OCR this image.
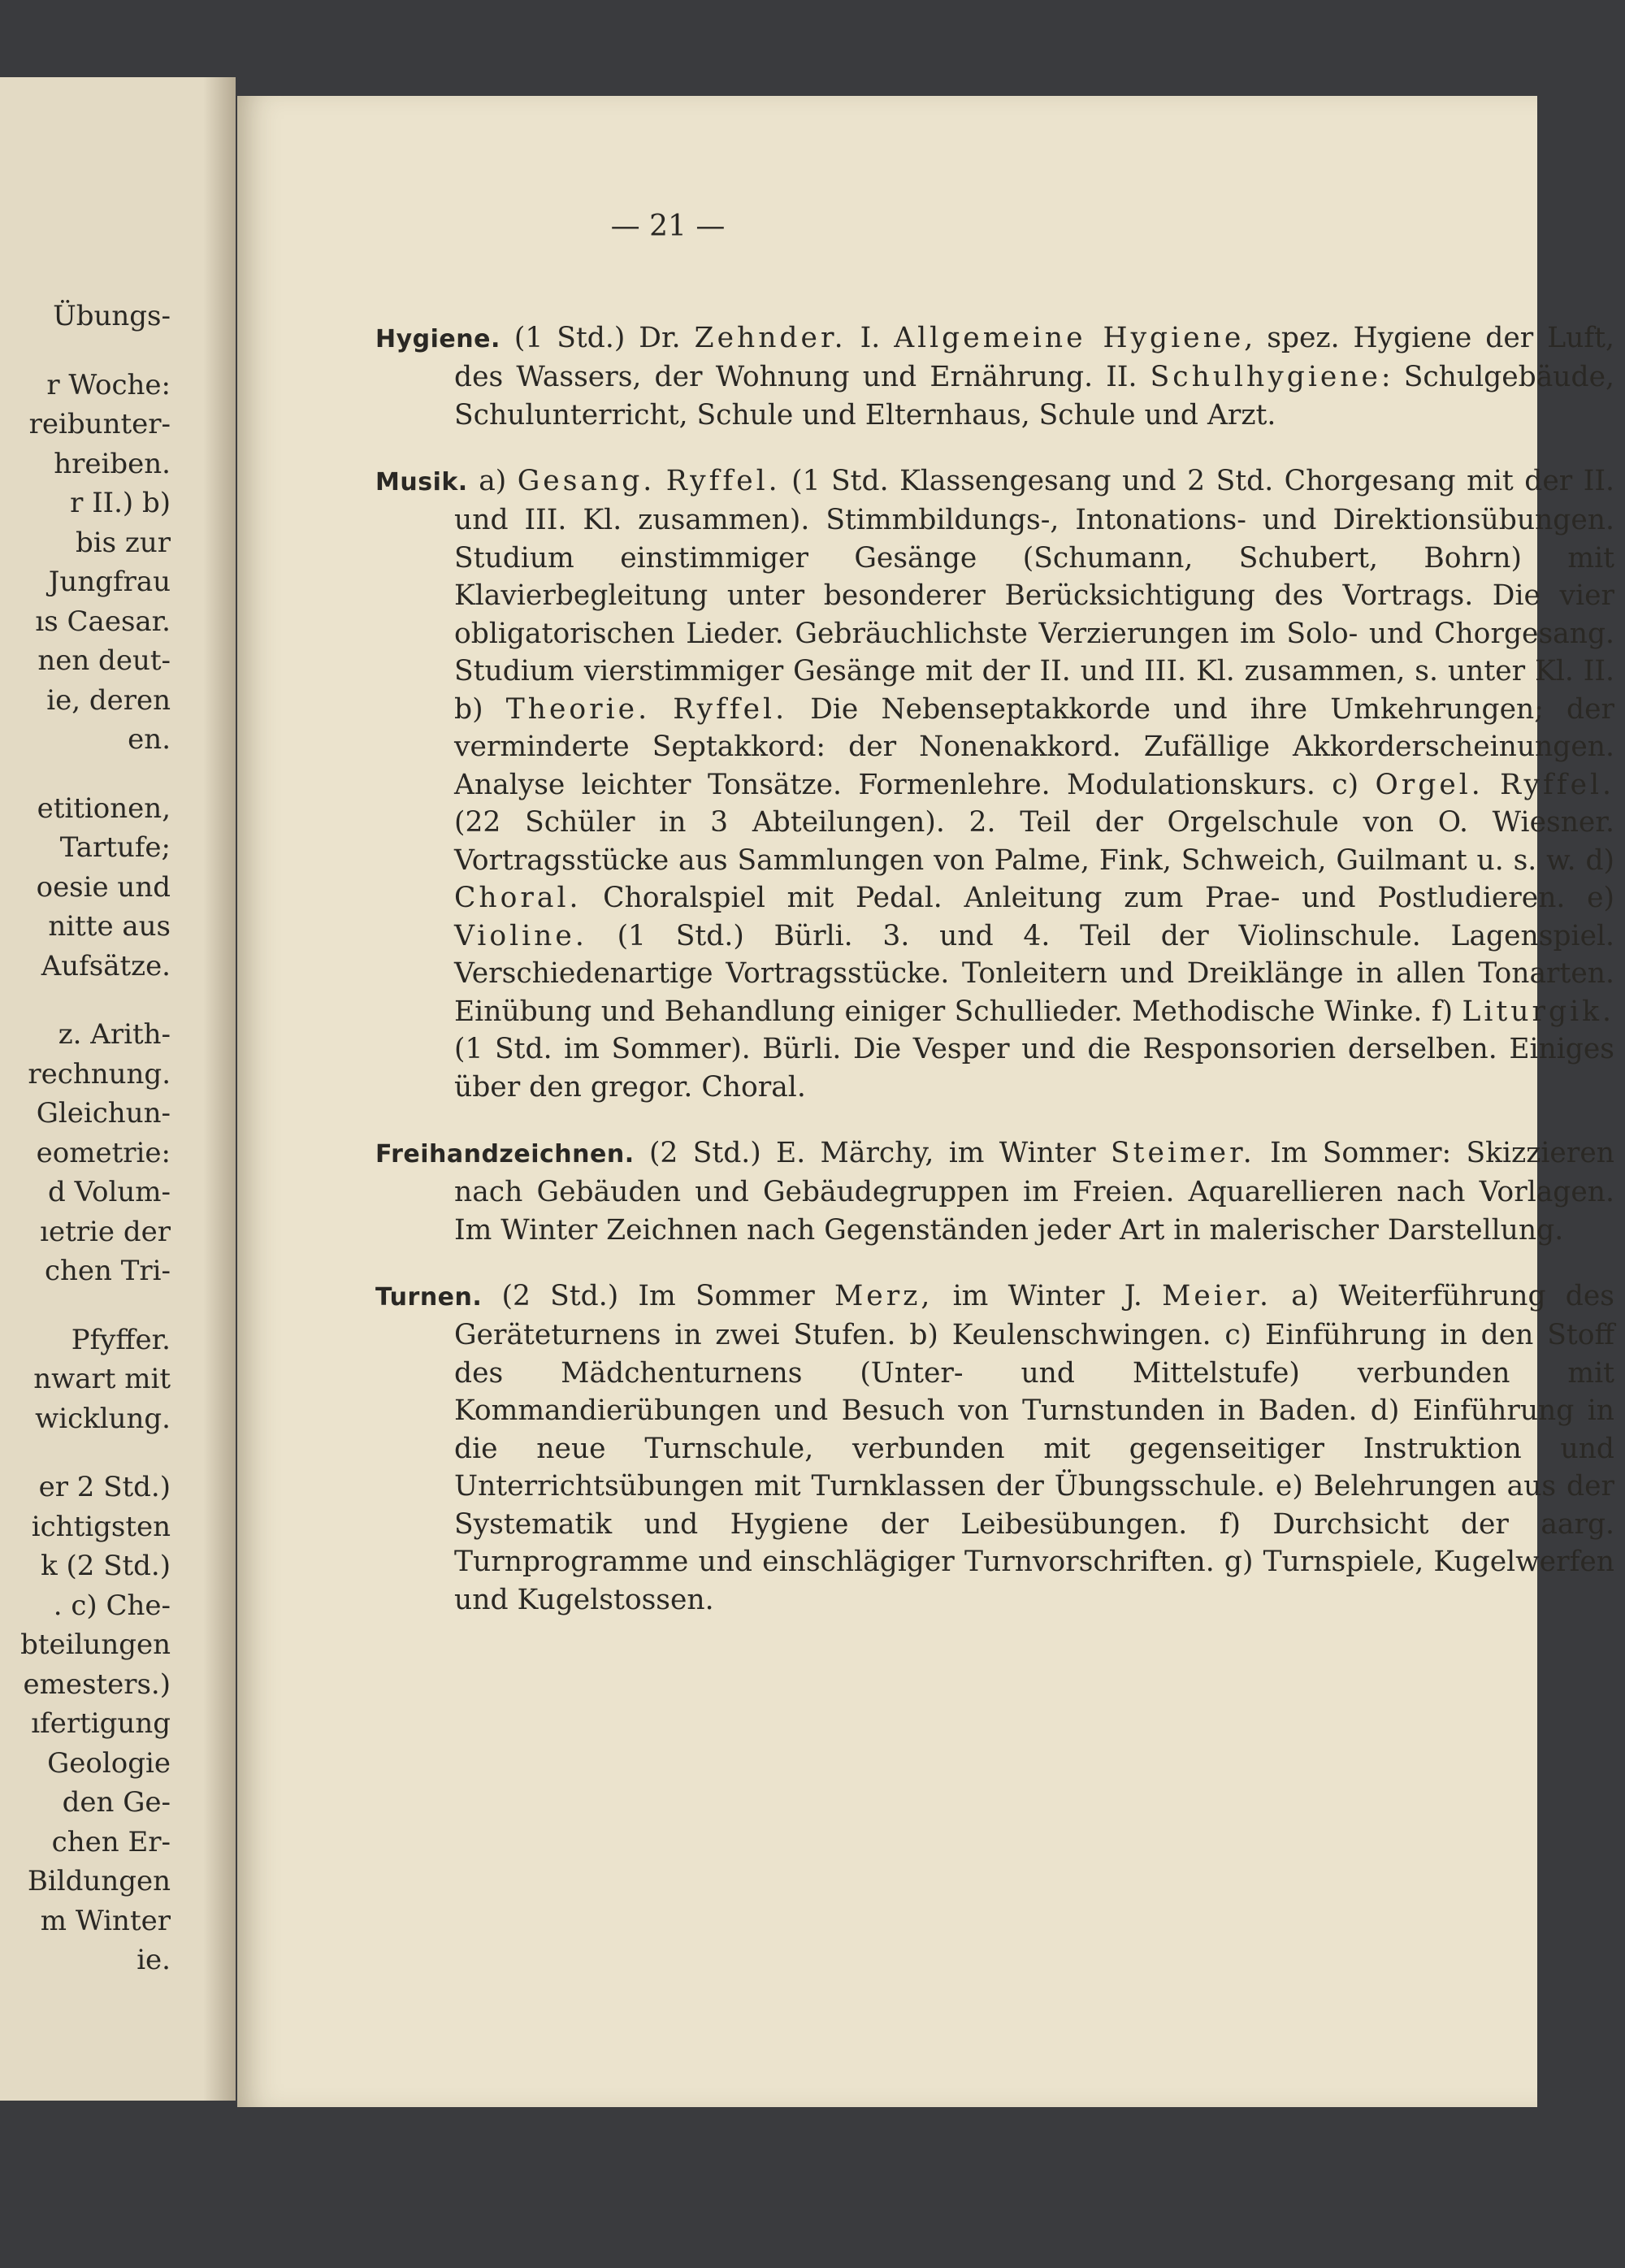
Übungs-
r Woche:
reibunter-
hreiben.
r II.) b)
bis zur
Jungfrau
ıs Caesar.
nen deut-
ie, deren
en.
etitionen,
Tartufe;
oesie und
nitte aus
Aufsätze.
z. Arith-
rechnung.
Gleichun-
eometrie:
d Volum-
ıetrie der
chen Tri-
Pfyffer.
nwart mit
wicklung.
er 2 Std.)
ichtigsten
k (2 Std.)
. c) Che-
bteilungen
emesters.)
ıfertigung
Geologie
den Ge-
chen Er-
Bildungen
m Winter
ie.
— 21 —

Hygiene. (1 Std.) Dr. Zehnder. I. Allgemeine Hygiene, spez. Hygiene der Luft, des Wassers, der Wohnung und Ernährung. II. Schulhygiene: Schulgebäude, Schulunterricht, Schule und Elternhaus, Schule und Arzt.

Musik. a) Gesang. Ryffel. (1 Std. Klassengesang und 2 Std. Chorgesang mit der II. und III. Kl. zusammen). Stimmbildungs-, Intonations- und Direktionsübungen. Studium einstimmiger Gesänge (Schumann, Schubert, Bohrn) mit Klavierbegleitung unter besonderer Berücksichtigung des Vortrags. Die vier obligatorischen Lieder. Gebräuchlichste Verzierungen im Solo- und Chorgesang. Studium vierstimmiger Gesänge mit der II. und III. Kl. zusammen, s. unter Kl. II. b) Theorie. Ryffel. Die Nebenseptakkorde und ihre Umkehrungen; der verminderte Septakkord: der Nonenakkord. Zufällige Akkorderscheinungen. Analyse leichter Tonsätze. Formenlehre. Modulationskurs. c) Orgel. Ryffel. (22 Schüler in 3 Abteilungen). 2. Teil der Orgelschule von O. Wiesner. Vortragsstücke aus Sammlungen von Palme, Fink, Schweich, Guilmant u. s. w. d) Choral. Choralspiel mit Pedal. Anleitung zum Prae- und Postludieren. e) Violine. (1 Std.) Bürli. 3. und 4. Teil der Violinschule. Lagenspiel. Verschiedenartige Vortragsstücke. Tonleitern und Dreiklänge in allen Tonarten. Einübung und Behandlung einiger Schullieder. Methodische Winke. f) Liturgik. (1 Std. im Sommer). Bürli. Die Vesper und die Responsorien derselben. Einiges über den gregor. Choral.

Freihandzeichnen. (2 Std.) E. Märchy, im Winter Steimer. Im Sommer: Skizzieren nach Gebäuden und Gebäudegruppen im Freien. Aquarellieren nach Vorlagen. Im Winter Zeichnen nach Gegenständen jeder Art in malerischer Darstellung.

Turnen. (2 Std.) Im Sommer Merz, im Winter J. Meier. a) Weiterführung des Geräteturnens in zwei Stufen. b) Keulenschwingen. c) Einführung in den Stoff des Mädchenturnens (Unter- und Mittelstufe) verbunden mit Kommandierübungen und Besuch von Turnstunden in Baden. d) Einführung in die neue Turnschule, verbunden mit gegenseitiger Instruktion und Unterrichtsübungen mit Turnklassen der Übungsschule. e) Belehrungen aus der Systematik und Hygiene der Leibesübungen. f) Durchsicht der aarg. Turnprogramme und einschlägiger Turnvorschriften. g) Turnspiele, Kugelwerfen und Kugelstossen.
